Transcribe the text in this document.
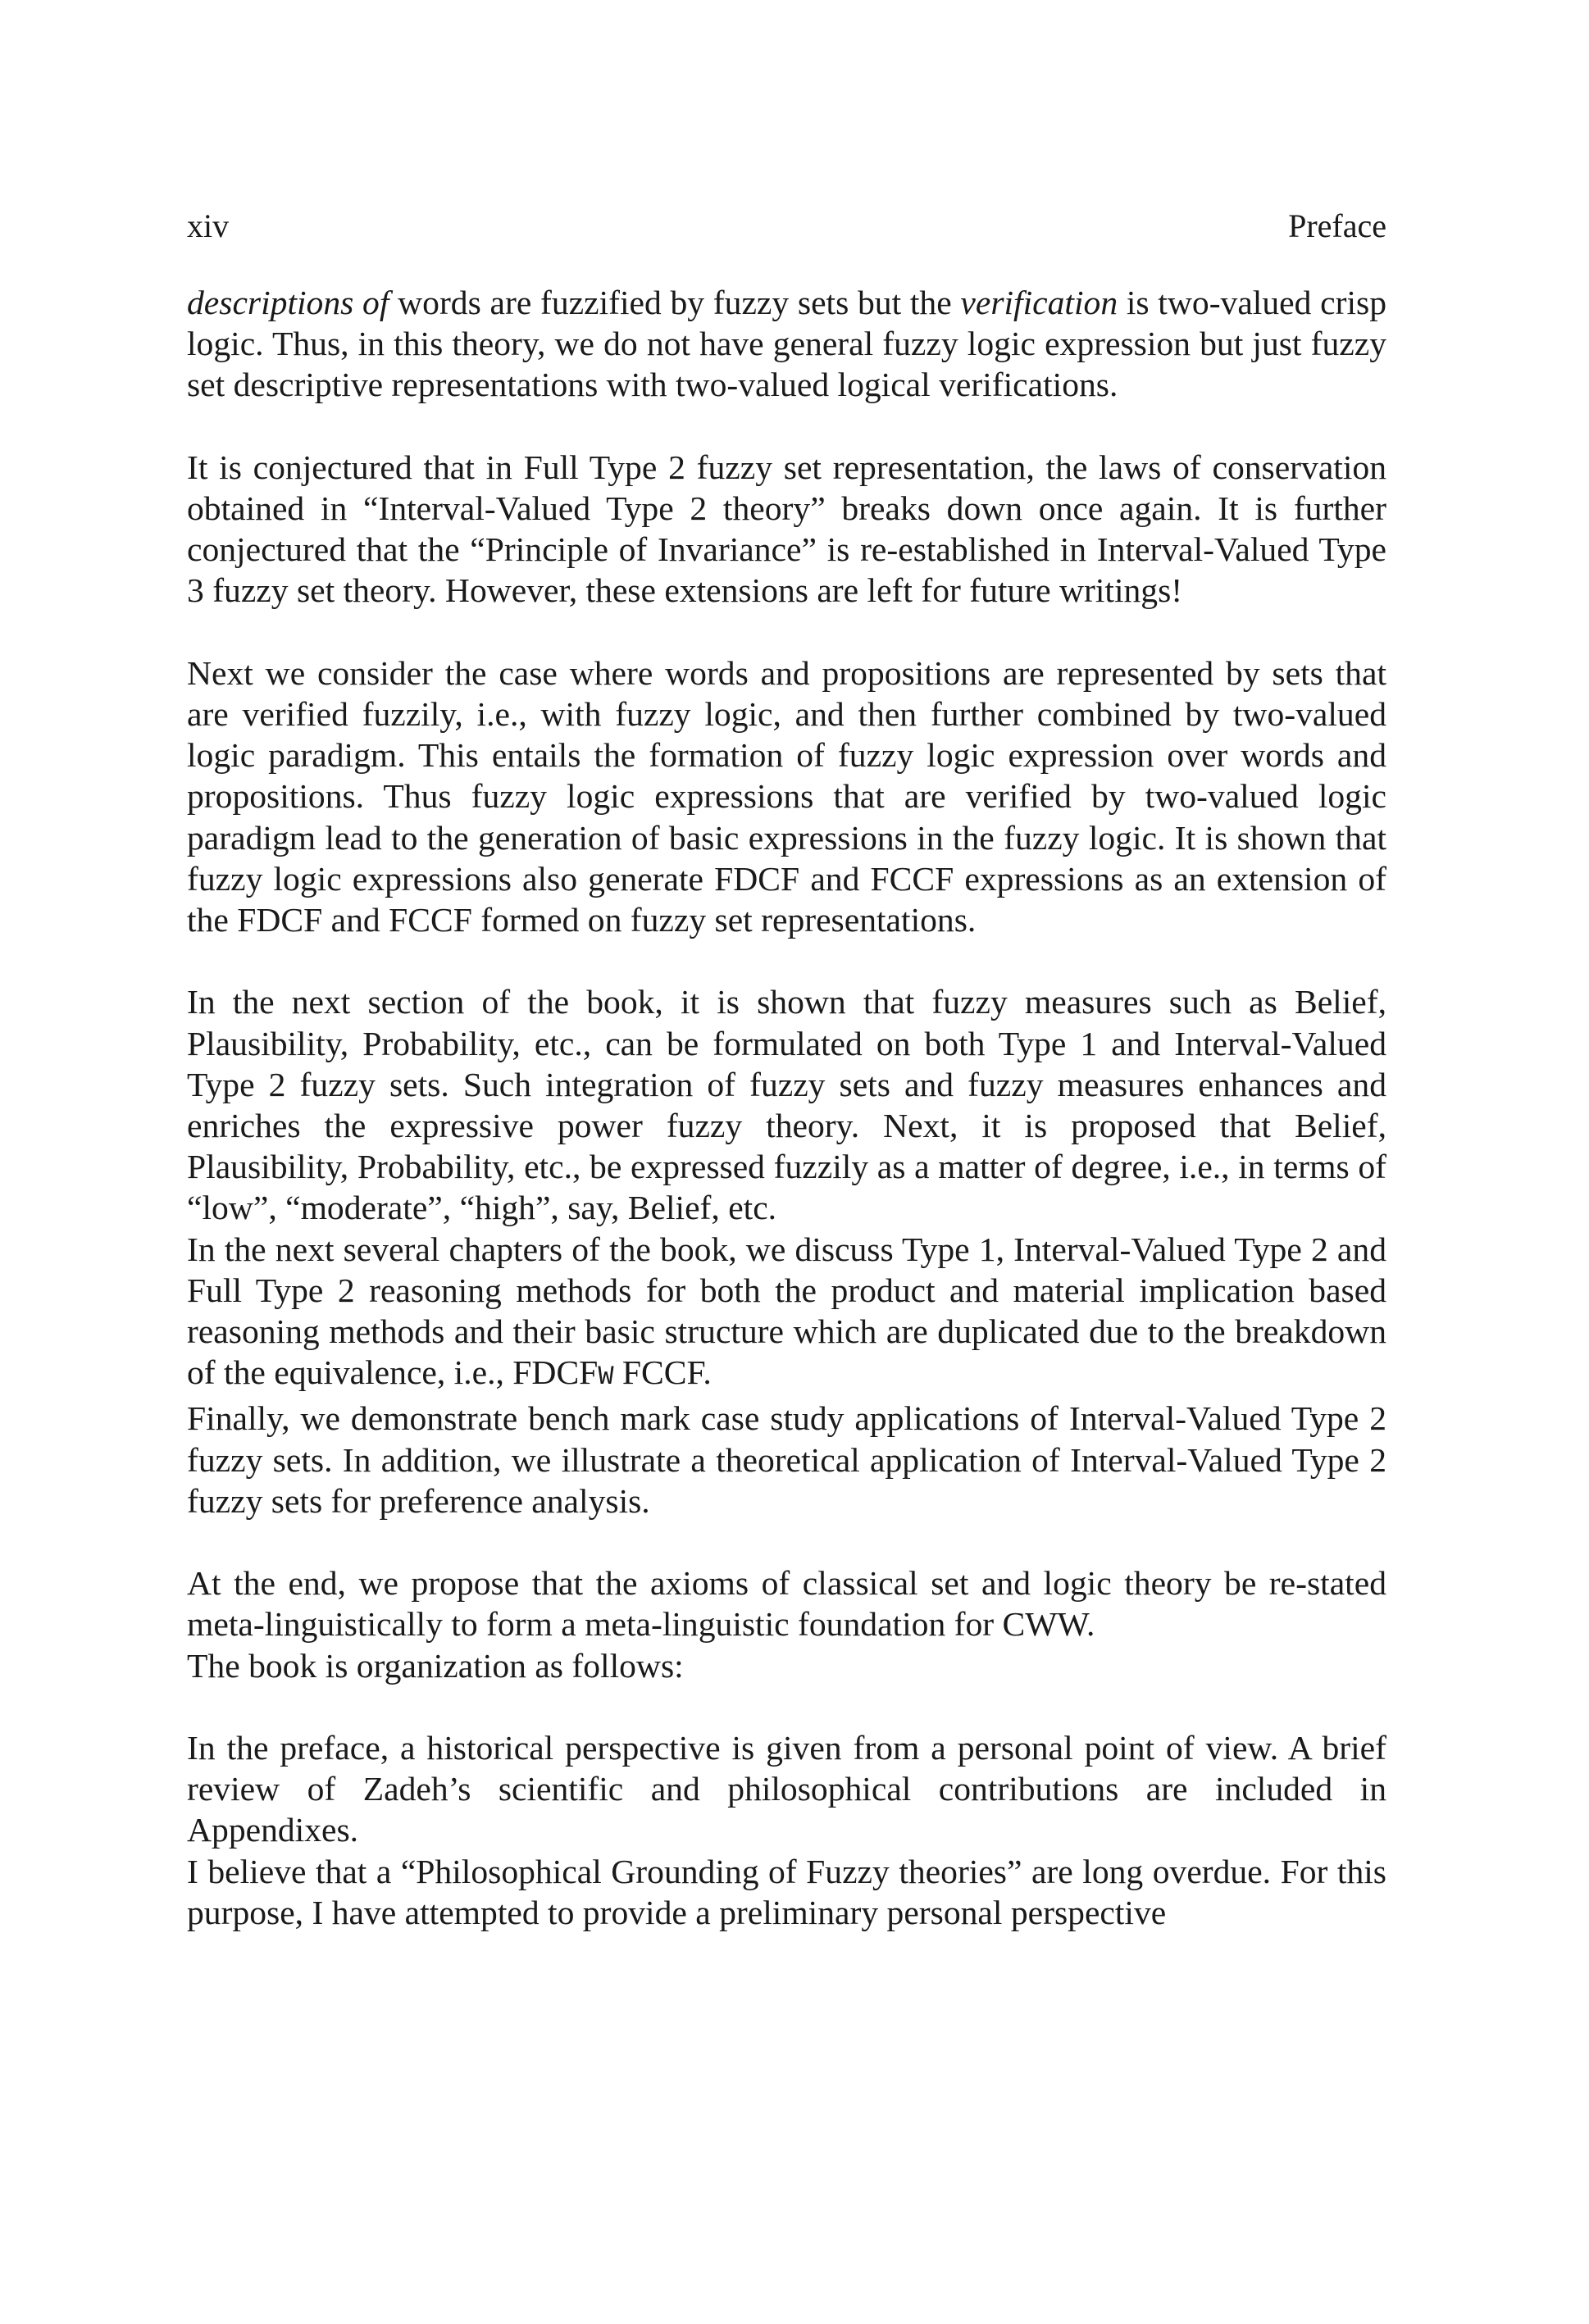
xiv	Preface

descriptions of words are fuzzified by fuzzy sets but the verification is two-valued crisp logic. Thus, in this theory, we do not have general fuzzy logic expression but just fuzzy set descriptive representations with two-valued logical verifications.

It is conjectured that in Full Type 2 fuzzy set representation, the laws of conservation obtained in “Interval-Valued Type 2 theory” breaks down once again. It is further conjectured that the “Principle of Invariance” is re-established in Interval-Valued Type 3 fuzzy set theory. However, these extensions are left for future writings!

Next we consider the case where words and propositions are represented by sets that are verified fuzzily, i.e., with fuzzy logic, and then further combined by two-valued logic paradigm. This entails the formation of fuzzy logic expression over words and propositions. Thus fuzzy logic expressions that are verified by two-valued logic paradigm lead to the generation of basic expressions in the fuzzy logic. It is shown that fuzzy logic expressions also generate FDCF and FCCF expressions as an extension of the FDCF and FCCF formed on fuzzy set representations.

In the next section of the book, it is shown that fuzzy measures such as Belief, Plausibility, Probability, etc., can be formulated on both Type 1 and Interval-Valued Type 2 fuzzy sets. Such integration of fuzzy sets and fuzzy measures enhances and enriches the expressive power fuzzy theory. Next, it is proposed that Belief, Plausibility, Probability, etc., be expressed fuzzily as a matter of degree, i.e., in terms of “low”, “moderate”, “high”, say, Belief, etc.

In the next several chapters of the book, we discuss Type 1, Interval-Valued Type 2 and Full Type 2 reasoning methods for both the product and material implication based reasoning methods and their basic structure which are duplicated due to the breakdown of the equivalence, i.e., FDCFW FCCF.

Finally, we demonstrate bench mark case study applications of Interval-Valued Type 2 fuzzy sets. In addition, we illustrate a theoretical application of Interval-Valued Type 2 fuzzy sets for preference analysis.

At the end, we propose that the axioms of classical set and logic theory be re-stated meta-linguistically to form a meta-linguistic foundation for CWW.

The book is organization as follows:

In the preface, a historical perspective is given from a personal point of view. A brief review of Zadeh’s scientific and philosophical contributions are included in Appendixes.

I believe that a “Philosophical Grounding of Fuzzy theories” are long overdue. For this purpose, I have attempted to provide a preliminary personal perspective
